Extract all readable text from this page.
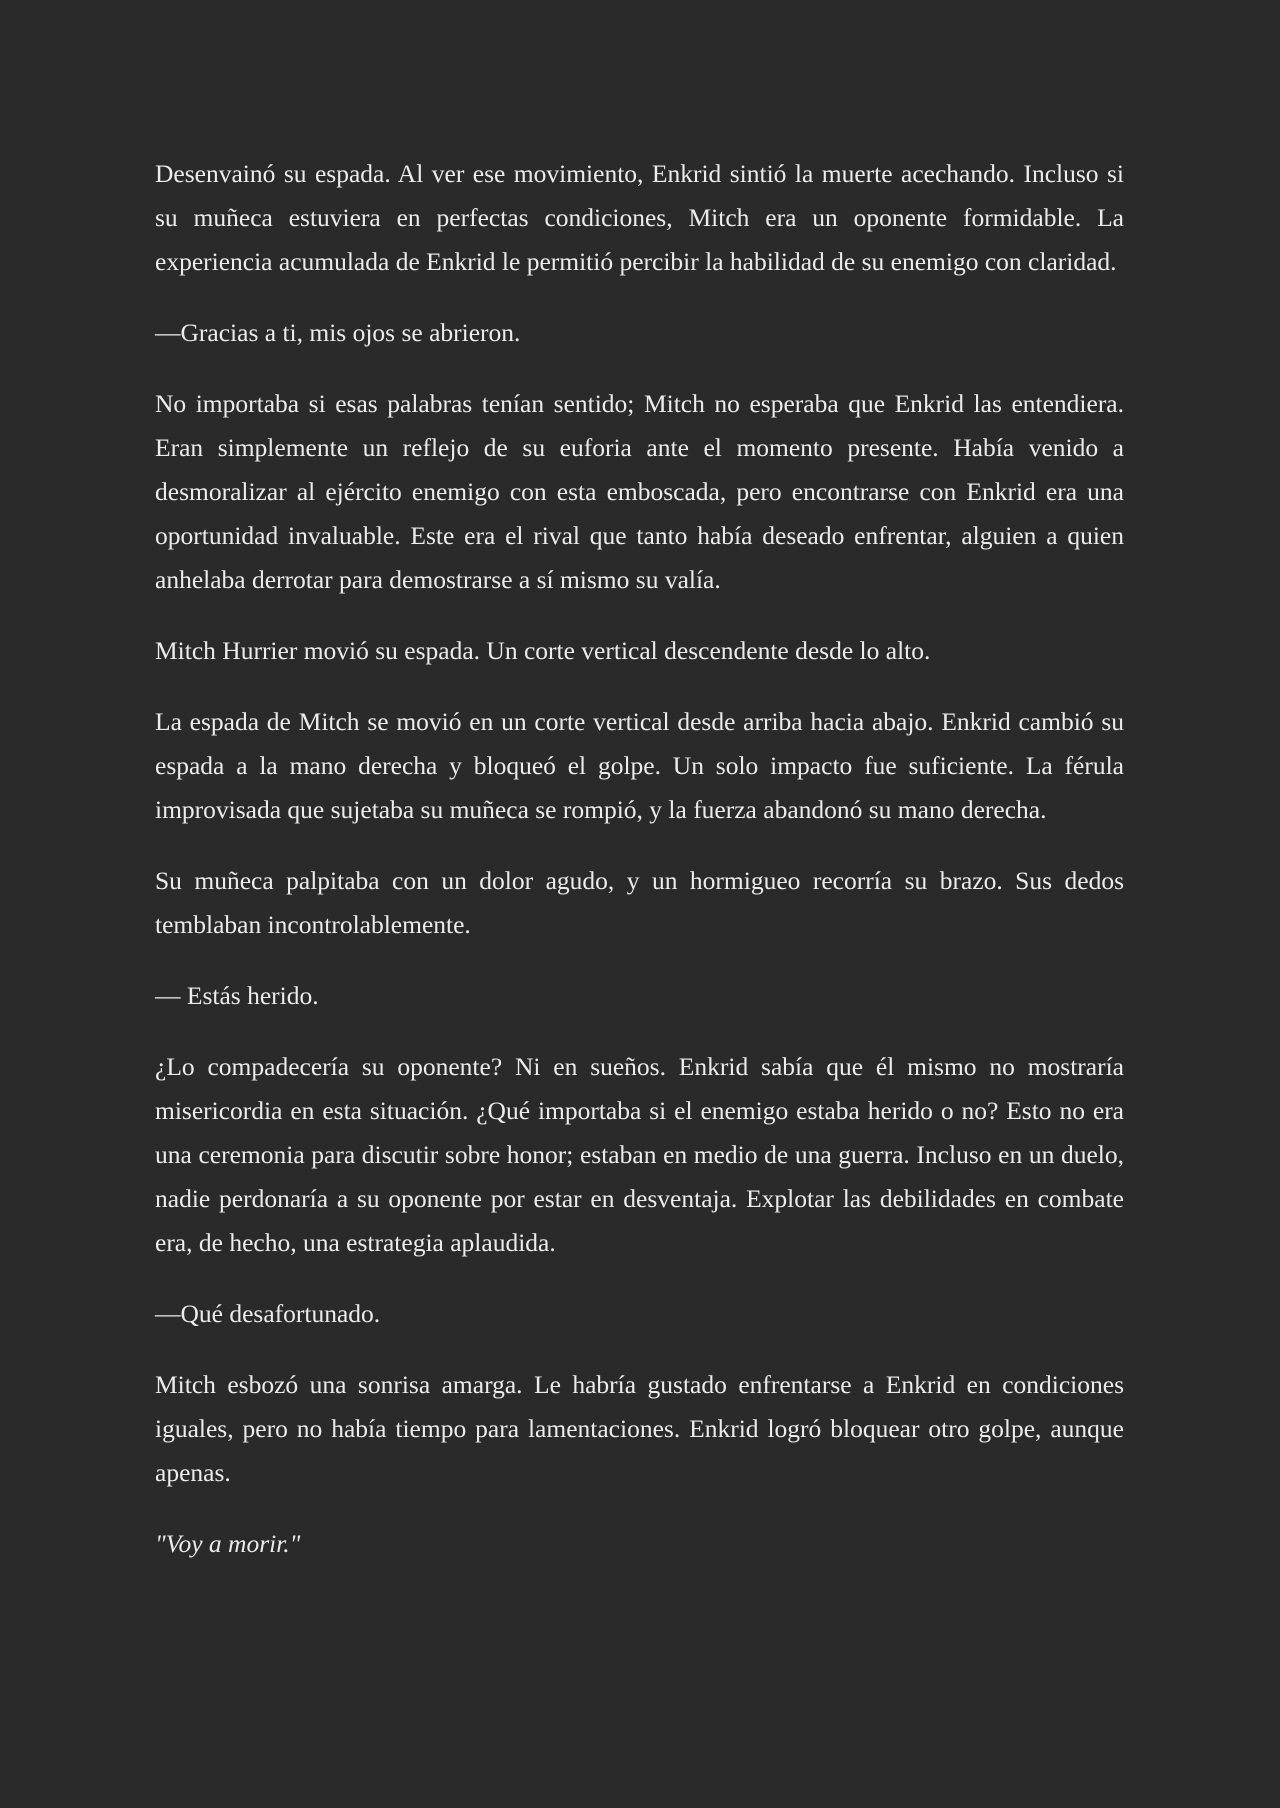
Desenvainó su espada. Al ver ese movimiento, Enkrid sintió la muerte acechando. Incluso si su muñeca estuviera en perfectas condiciones, Mitch era un oponente formidable. La experiencia acumulada de Enkrid le permitió percibir la habilidad de su enemigo con claridad.

—Gracias a ti, mis ojos se abrieron.

No importaba si esas palabras tenían sentido; Mitch no esperaba que Enkrid las entendiera. Eran simplemente un reflejo de su euforia ante el momento presente. Había venido a desmoralizar al ejército enemigo con esta emboscada, pero encontrarse con Enkrid era una oportunidad invaluable. Este era el rival que tanto había deseado enfrentar, alguien a quien anhelaba derrotar para demostrarse a sí mismo su valía.

Mitch Hurrier movió su espada. Un corte vertical descendente desde lo alto.

La espada de Mitch se movió en un corte vertical desde arriba hacia abajo. Enkrid cambió su espada a la mano derecha y bloqueó el golpe. Un solo impacto fue suficiente. La férula improvisada que sujetaba su muñeca se rompió, y la fuerza abandonó su mano derecha.

Su muñeca palpitaba con un dolor agudo, y un hormigueo recorría su brazo. Sus dedos temblaban incontrolablemente.

— Estás herido.

¿Lo compadecería su oponente? Ni en sueños. Enkrid sabía que él mismo no mostraría misericordia en esta situación. ¿Qué importaba si el enemigo estaba herido o no? Esto no era una ceremonia para discutir sobre honor; estaban en medio de una guerra. Incluso en un duelo, nadie perdonaría a su oponente por estar en desventaja. Explotar las debilidades en combate era, de hecho, una estrategia aplaudida.

—Qué desafortunado.

Mitch esbozó una sonrisa amarga. Le habría gustado enfrentarse a Enkrid en condiciones iguales, pero no había tiempo para lamentaciones. Enkrid logró bloquear otro golpe, aunque apenas.

"Voy a morir."
